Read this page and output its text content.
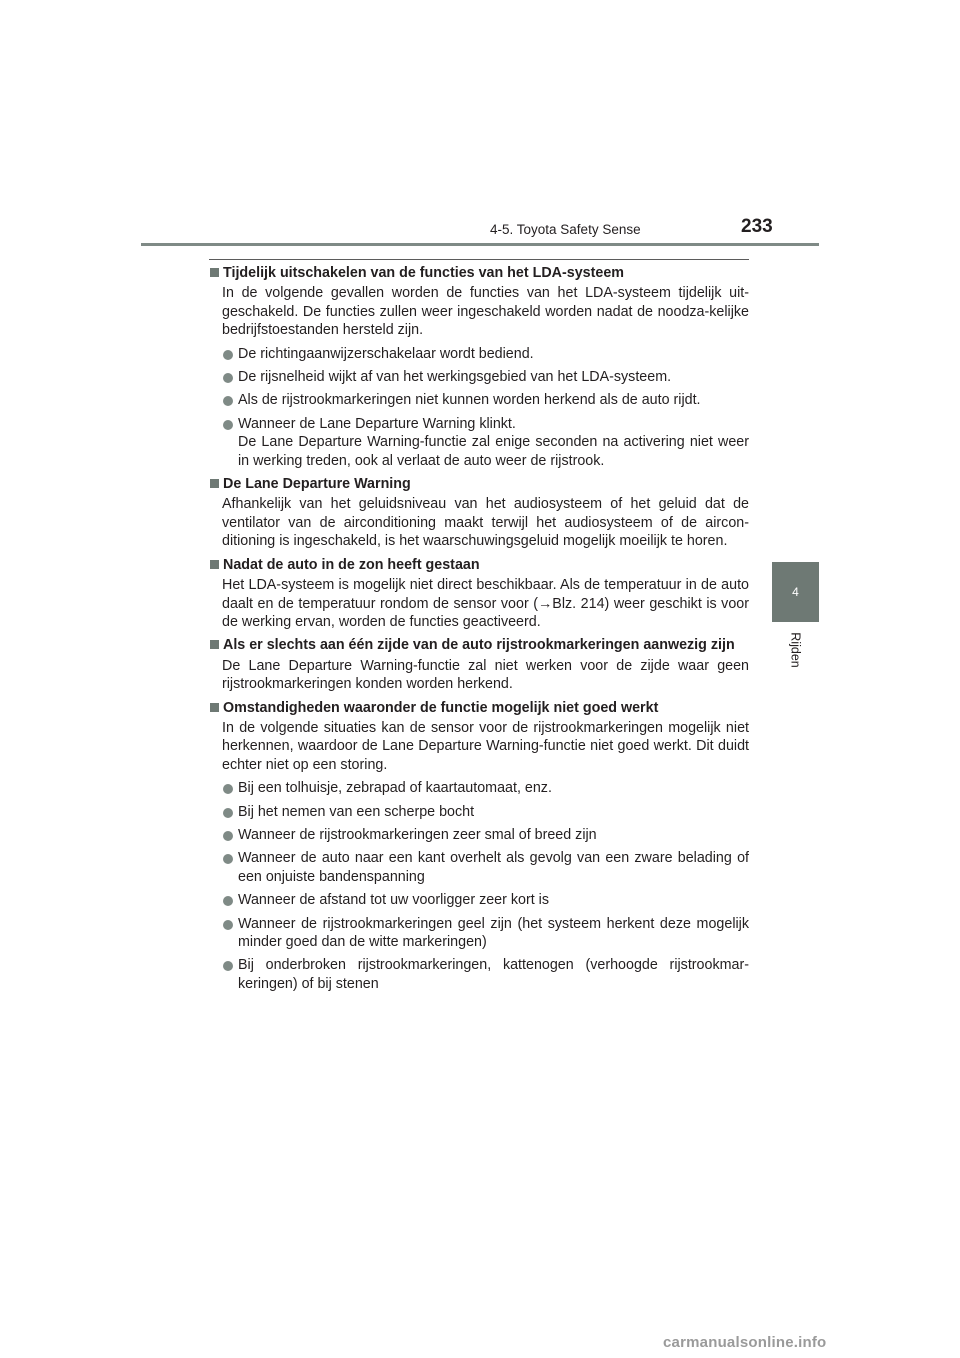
4-5. Toyota Safety Sense	233
4
Rijden
Tijdelijk uitschakelen van de functies van het LDA-systeem
In de volgende gevallen worden de functies van het LDA-systeem tijdelijk uit-geschakeld. De functies zullen weer ingeschakeld worden nadat de noodza-kelijke bedrijfstoestanden hersteld zijn.
De richtingaanwijzerschakelaar wordt bediend.
De rijsnelheid wijkt af van het werkingsgebied van het LDA-systeem.
Als de rijstrookmarkeringen niet kunnen worden herkend als de auto rijdt.
Wanneer de Lane Departure Warning klinkt.
De Lane Departure Warning-functie zal enige seconden na activering niet weer in werking treden, ook al verlaat de auto weer de rijstrook.
De Lane Departure Warning
Afhankelijk van het geluidsniveau van het audiosysteem of het geluid dat de ventilator van de airconditioning maakt terwijl het audiosysteem of de aircon-ditioning is ingeschakeld, is het waarschuwingsgeluid mogelijk moeilijk te horen.
Nadat de auto in de zon heeft gestaan
Het LDA-systeem is mogelijk niet direct beschikbaar. Als de temperatuur in de auto daalt en de temperatuur rondom de sensor voor (→Blz. 214) weer geschikt is voor de werking ervan, worden de functies geactiveerd.
Als er slechts aan één zijde van de auto rijstrookmarkeringen aanwezig zijn
De Lane Departure Warning-functie zal niet werken voor de zijde waar geen rijstrookmarkeringen konden worden herkend.
Omstandigheden waaronder de functie mogelijk niet goed werkt
In de volgende situaties kan de sensor voor de rijstrookmarkeringen mogelijk niet herkennen, waardoor de Lane Departure Warning-functie niet goed werkt. Dit duidt echter niet op een storing.
Bij een tolhuisje, zebrapad of kaartautomaat, enz.
Bij het nemen van een scherpe bocht
Wanneer de rijstrookmarkeringen zeer smal of breed zijn
Wanneer de auto naar een kant overhelt als gevolg van een zware belading of een onjuiste bandenspanning
Wanneer de afstand tot uw voorligger zeer kort is
Wanneer de rijstrookmarkeringen geel zijn (het systeem herkent deze mogelijk minder goed dan de witte markeringen)
Bij onderbroken rijstrookmarkeringen, kattenogen (verhoogde rijstrookmar-keringen) of bij stenen
carmanualsonline.info
